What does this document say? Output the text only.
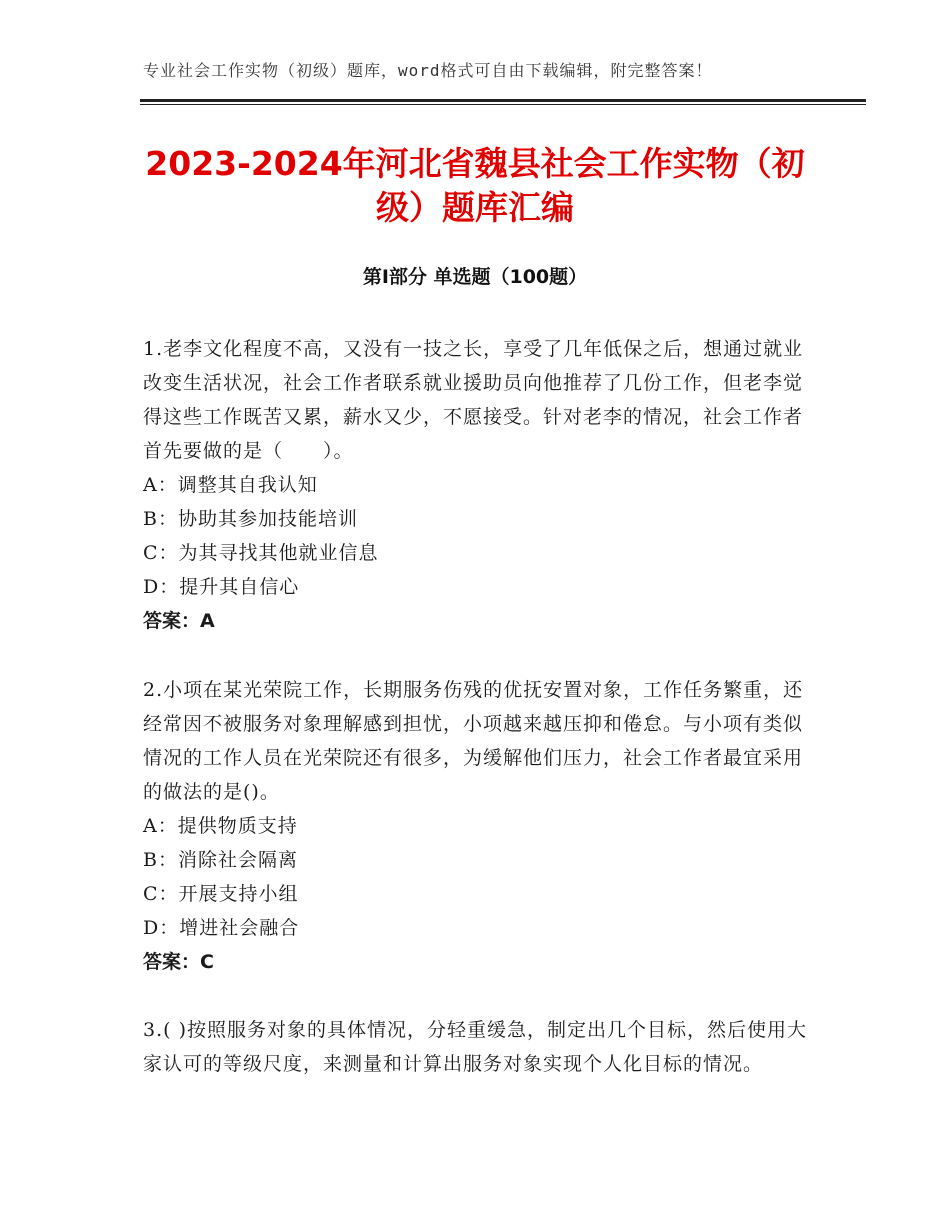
专业社会工作实物（初级）题库，word格式可自由下载编辑，附完整答案！
2023-2024年河北省魏县社会工作实物（初级）题库汇编
第Ⅰ部分 单选题（100题）

1.老李文化程度不高，又没有一技之长，享受了几年低保之后，想通过就业改变生活状况，社会工作者联系就业援助员向他推荐了几份工作，但老李觉得这些工作既苦又累，薪水又少，不愿接受。针对老李的情况，社会工作者首先要做的是（　　）。

A：调整其自我认知

B：协助其参加技能培训

C：为其寻找其他就业信息

D：提升其自信心

答案：A

2.小项在某光荣院工作，长期服务伤残的优抚安置对象，工作任务繁重，还经常因不被服务对象理解感到担忧，小项越来越压抑和倦怠。与小项有类似情况的工作人员在光荣院还有很多，为缓解他们压力，社会工作者最宜采用的做法的是()。

A：提供物质支持

B：消除社会隔离

C：开展支持小组

D：增进社会融合

答案：C

3.( )按照服务对象的具体情况，分轻重缓急，制定出几个目标，然后使用大家认可的等级尺度，来测量和计算出服务对象实现个人化目标的情况。
